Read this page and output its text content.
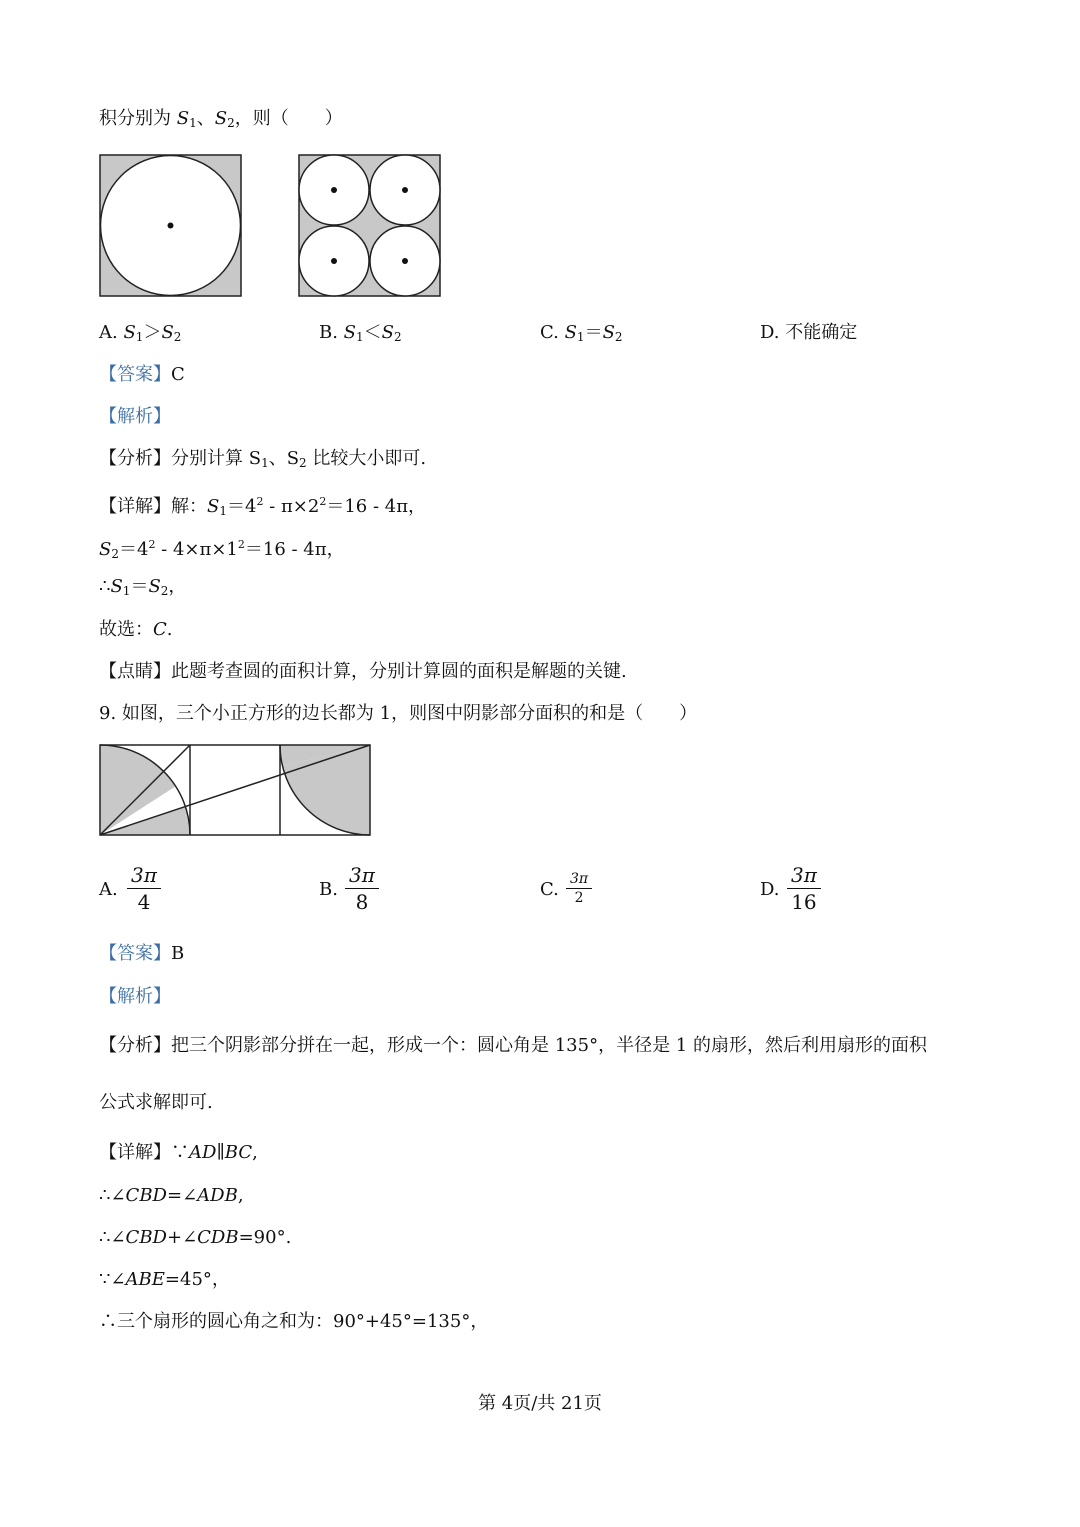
积分别为 $S_1$、$S_2$，则（　　）
A. $S_1>S_2$	B. $S_1<S_2$	C. $S_1=S_2$	D. 不能确定
【答案】C
【解析】
【分析】分别计算 $S_1$、$S_2$ 比较大小即可.
【详解】解：$S_1=4^2 - \pi\times 2^2=16 - 4\pi$，
$S_2=4^2 - 4\times\pi\times 1^2=16 - 4\pi$，
$\therefore S_1=S_2$，
故选：C.
【点睛】此题考查圆的面积计算，分别计算圆的面积是解题的关键.
9. 如图，三个小正方形的边长都为 1，则图中阴影部分面积的和是（　　）
A.
3π
4
B.
3π
8
C. 3π
2	D.
3π
16
【答案】B
【解析】
【分析】把三个阴影部分拼在一起，形成一个：圆心角是 135°，半径是 1 的扇形，然后利用扇形的面积
公式求解即可.
【详解】∵AD∥BC,
∴∠CBD=∠ADB,
∴∠CBD+∠CDB=90°.
∵∠ABE=45°，
∴三个扇形的圆心角之和为：90°+45°=135°，
第 4页/共 21页
